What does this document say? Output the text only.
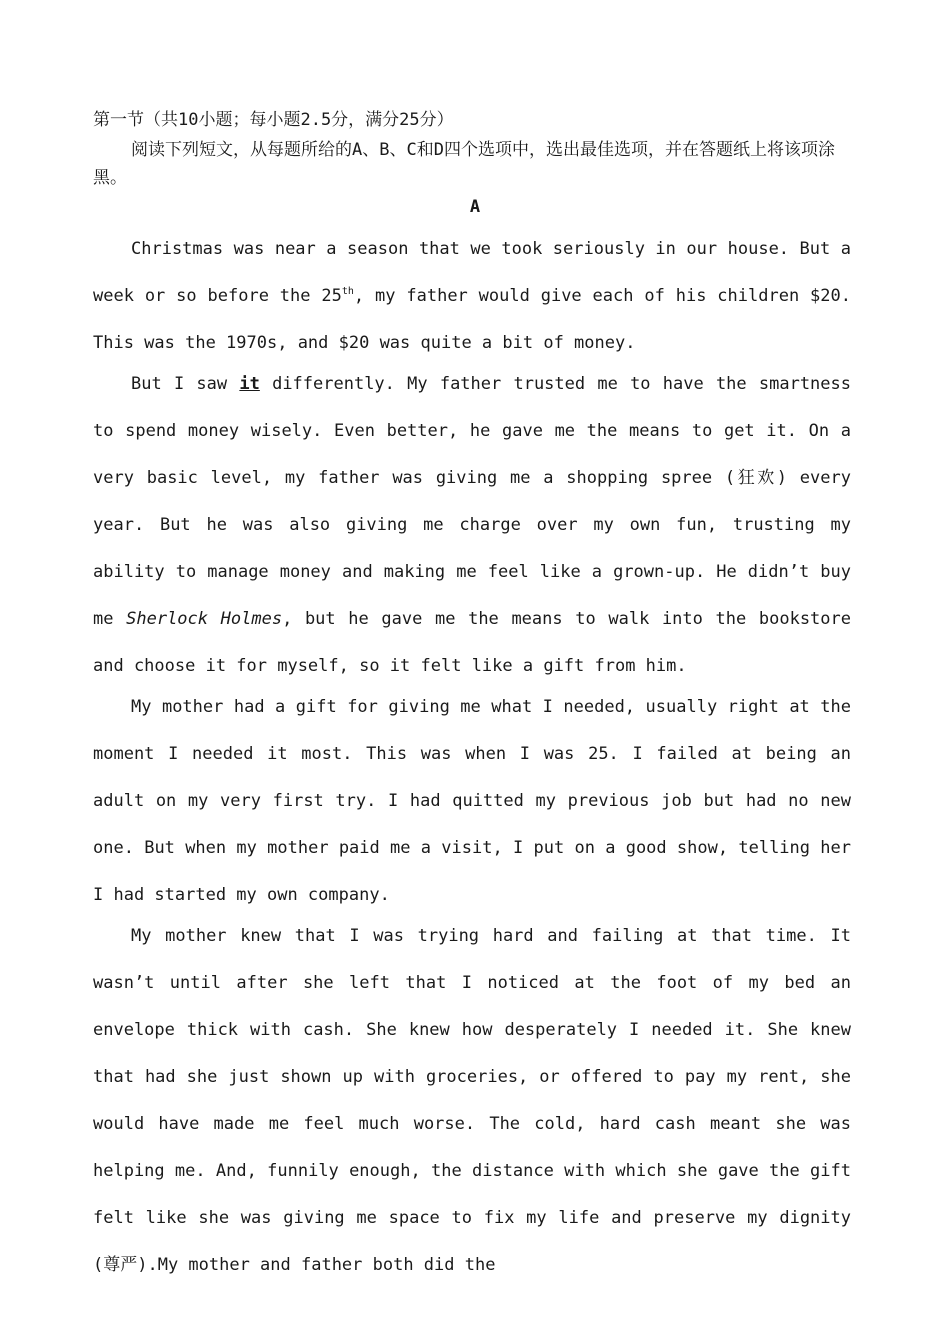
第一节（共10小题；每小题2.5分，满分25分）
阅读下列短文，从每题所给的A、B、C和D四个选项中，选出最佳选项，并在答题纸上将该项涂黑。
A

Christmas was near a season that we took seriously in our house. But a week or so before the 25th, my father would give each of his children $20. This was the 1970s, and $20 was quite a bit of money.

But I saw it differently. My father trusted me to have the smartness to spend money wisely. Even better, he gave me the means to get it. On a very basic level, my father was giving me a shopping spree (狂欢) every year. But he was also giving me charge over my own fun, trusting my ability to manage money and making me feel like a grown-up. He didn’t buy me Sherlock Holmes, but he gave me the means to walk into the bookstore and choose it for myself, so it felt like a gift from him.

My mother had a gift for giving me what I needed, usually right at the moment I needed it most. This was when I was 25. I failed at being an adult on my very first try. I had quitted my previous job but had no new one. But when my mother paid me a visit, I put on a good show, telling her I had started my own company.

My mother knew that I was trying hard and failing at that time. It wasn’t until after she left that I noticed at the foot of my bed an envelope thick with cash. She knew how desperately I needed it. She knew that had she just shown up with groceries, or offered to pay my rent, she would have made me feel much worse. The cold, hard cash meant she was helping me. And, funnily enough, the distance with which she gave the gift felt like she was giving me space to fix my life and preserve my dignity (尊严).My mother and father both did the
